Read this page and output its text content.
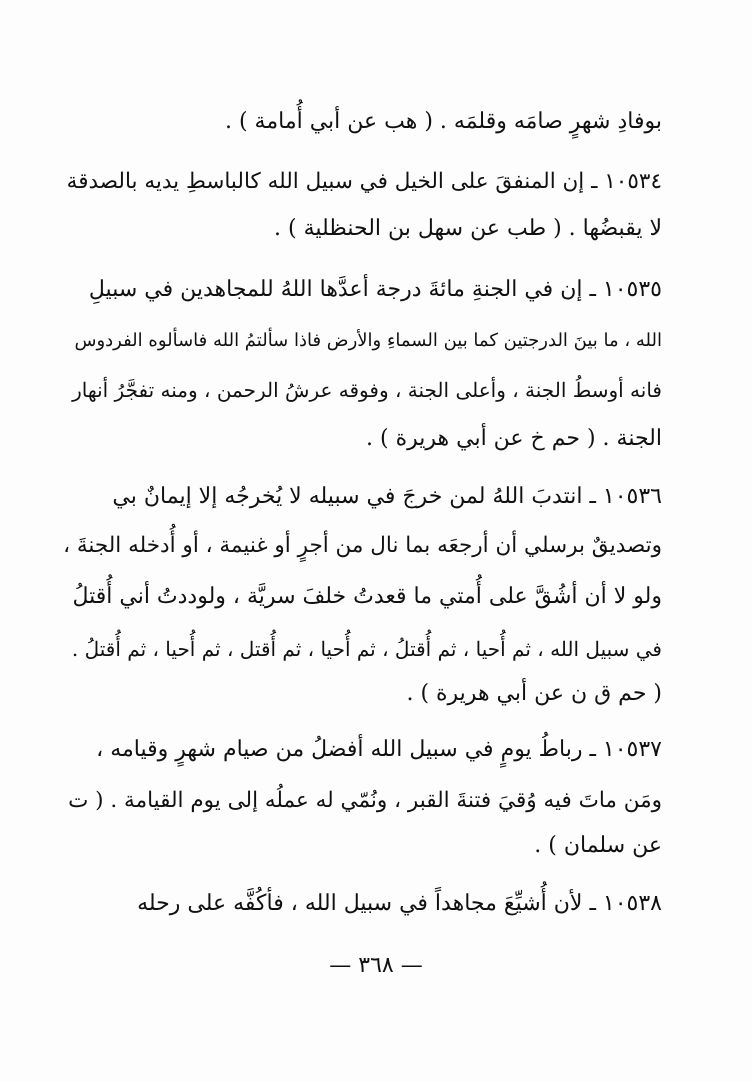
بوفادِ شهرٍ صامَه وقلمَه . ( هب عن أبي أُمامة ) .
١٠٥٣٤ ـ إن المنفقَ على الخيل في سبيل الله كالباسطِ يديه بالصدقة
لا يقبضُها . ( طب عن سهل بن الحنظلية ) .
١٠٥٣٥ ـ إن في الجنةِ مائةَ درجة أعدَّها اللهُ للمجاهدين في سبيلِ
الله ، ما بينَ الدرجتين كما بين السماءِ والأرض فاذا سألتمُ الله فاسألوه الفردوس
فانه أوسطُ الجنة ، وأعلى الجنة ، وفوقه عرشُ الرحمن ، ومنه تفجَّرُ أنهار
الجنة . ( حم خ عن أبي هريرة ) .
١٠٥٣٦ ـ انتدبَ اللهُ لمن خرجَ في سبيله لا يُخرجُه إلا إيمانٌ بي
وتصديقٌ برسلي أن أرجعَه بما نال من أجرٍ أو غنيمة ، أو أُدخله الجنةَ ،
ولو لا أن أشُقَّ على أُمتي ما قعدتُ خلفَ سريَّة ، ولوددتُ أني أُقتلُ
في سبيل الله ، ثم أُحيا ، ثم أُقتلُ ، ثم أُحيا ، ثم أُقتل ، ثم أُحيا ، ثم أُقتلُ .
( حم ق ن عن أبي هريرة ) .
١٠٥٣٧ ـ رباطُ يومٍ في سبيل الله أفضلُ من صيام شهرٍ وقيامه ،
ومَن ماتَ فيه وُقيَ فتنةَ القبر ، ونُمّي له عملُه إلى يوم القيامة . ( ت
عن سلمان ) .
١٠٥٣٨ ـ لأن أُشيِّعَ مجاهداً في سبيل الله ، فأكُفَّه على رحله
— ٣٦٨ —
